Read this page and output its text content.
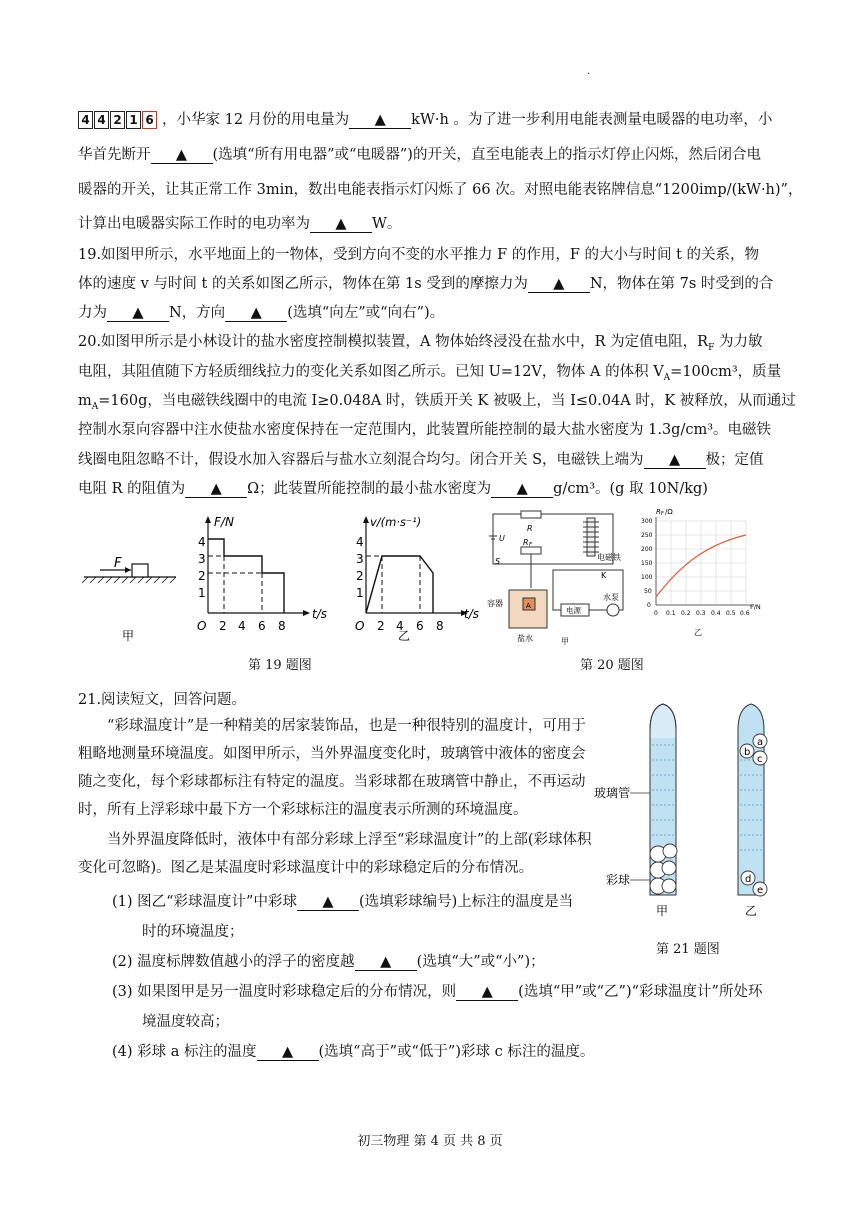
.
4 4 2 1 6 ，小华家 12 月份的用电量为 ▲ kW·h 。为了进一步利用电能表测量电暖器的电功率，小
华首先断开 ▲ (选填“所有用电器”或“电暖器”)的开关，直至电能表上的指示灯停止闪烁，然后闭合电
暖器的开关，让其正常工作 3min，数出电能表指示灯闪烁了 66 次。对照电能表铭牌信息“1200imp/(kW·h)”，
计算出电暖器实际工作时的电功率为 ▲ W。
19.如图甲所示，水平地面上的一物体，受到方向不变的水平推力 F 的作用，F 的大小与时间 t 的关系，物
体的速度 v 与时间 t 的关系如图乙所示，物体在第 1s 受到的摩擦力为 ▲ N，物体在第 7s 时受到的合
力为 ▲ N，方向 ▲ (选填“向左”或“向右”)。
20.如图甲所示是小林设计的盐水密度控制模拟装置，A 物体始终浸没在盐水中，R 为定值电阻，$R_F$ 为力敏
电阻，其阻值随下方轻质细线拉力的变化关系如图乙所示。已知 U=12V，物体 A 的体积 $V_A=100cm^3$，质量
$m_A=160g$，当电磁铁线圈中的电流 I≥0.048A 时，铁质开关 K 被吸上，当 I≤0.04A 时，K 被释放，从而通过
控制水泵向容器中注水使盐水密度保持在一定范围内，此装置所能控制的最大盐水密度为 1.3g/cm³。电磁铁
线圈电阻忽略不计，假设水加入容器后与盐水立刻混合均匀。闭合开关 S，电磁铁上端为 ▲ 极；定值
电阻 R 的阻值为 ▲ Ω；此装置所能控制的最小盐水密度为 ▲ g/cm³。(g 取 10N/kg)
F
甲
F/N
t/s
O 2 4 6 8
1
2
3
4
v/(m·s⁻¹)
t/s
O 2 4 6 8
1
2
3
4
乙
第 19 题图
R
R F
U
S	电磁铁
K
A
容器
盐水
电源
水泵
甲
R F /Ω
0
50
100
150
200
250
300
0 0.1 0.2 0.3 0.4 0.5 0.6
F/N
乙
第 20 题图
21.阅读短文，回答问题。
“彩球温度计”是一种精美的居家装饰品，也是一种很特别的温度计，可用于粗略地测量环境温度。如图甲所示，当外界温度变化时，玻璃管中液体的密度会随之变化，每个彩球都标注有特定的温度。当彩球都在玻璃管中静止，不再运动时，所有上浮彩球中最下方一个彩球标注的温度表示所测的环境温度。
当外界温度降低时，液体中有部分彩球上浮至“彩球温度计”的上部(彩球体积变化可忽略)。图乙是某温度时彩球温度计中的彩球稳定后的分布情况。
(1) 图乙“彩球温度计”中彩球 ▲ (选填彩球编号)上标注的温度是当
时的环境温度；
(2) 温度标牌数值越小的浮子的密度越 ▲ (选填“大”或“小”)；
(3) 如果图甲是另一温度时彩球稳定后的分布情况，则 ▲ (选填“甲”或“乙”)“彩球温度计”所处环
境温度较高；
(4) 彩球 a 标注的温度 ▲ (选填“高于”或“低于”)彩球 c 标注的温度。
玻璃管
彩球
甲
a
b
c
d
e
乙
第 21 题图
初三物理 第 4 页 共 8 页
